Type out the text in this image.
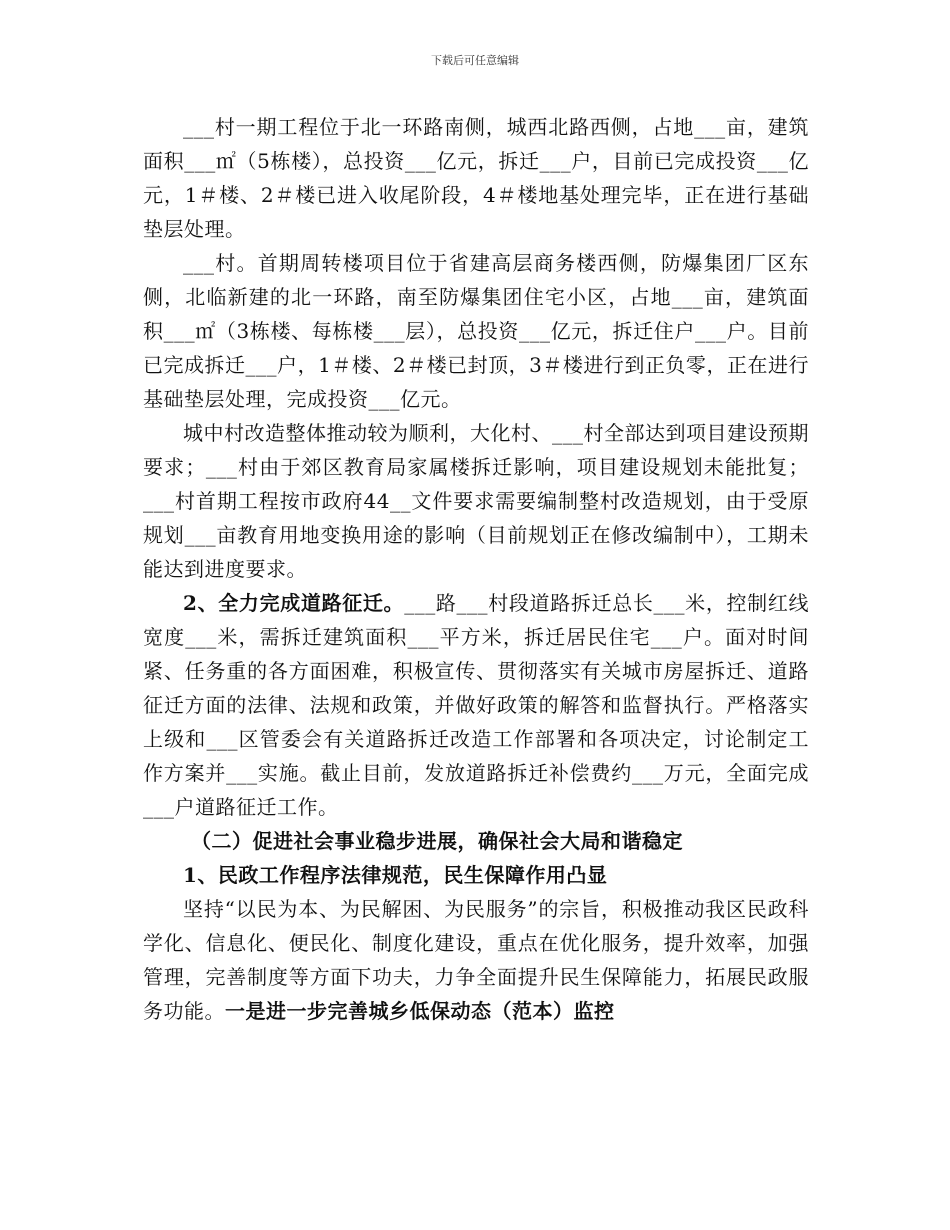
下载后可任意编辑

___村一期工程位于北一环路南侧，城西北路西侧，占地___亩，建筑面积___㎡（5栋楼），总投资___亿元，拆迁___户，目前已完成投资___亿元，1＃楼、2＃楼已进入收尾阶段，4＃楼地基处理完毕，正在进行基础垫层处理。

___村。首期周转楼项目位于省建高层商务楼西侧，防爆集团厂区东侧，北临新建的北一环路，南至防爆集团住宅小区，占地___亩，建筑面积___㎡（3栋楼、每栋楼___层），总投资___亿元，拆迁住户___户。目前已完成拆迁___户，1＃楼、2＃楼已封顶，3＃楼进行到正负零，正在进行基础垫层处理，完成投资___亿元。

城中村改造整体推动较为顺利，大化村、___村全部达到项目建设预期要求；___村由于郊区教育局家属楼拆迁影响，项目建设规划未能批复；___村首期工程按市政府44__文件要求需要编制整村改造规划，由于受原规划___亩教育用地变换用途的影响（目前规划正在修改编制中），工期未能达到进度要求。

2、全力完成道路征迁。___路___村段道路拆迁总长___米，控制红线宽度___米，需拆迁建筑面积___平方米，拆迁居民住宅___户。面对时间紧、任务重的各方面困难，积极宣传、贯彻落实有关城市房屋拆迁、道路征迁方面的法律、法规和政策，并做好政策的解答和监督执行。严格落实上级和___区管委会有关道路拆迁改造工作部署和各项决定，讨论制定工作方案并___实施。截止目前，发放道路拆迁补偿费约___万元，全面完成___户道路征迁工作。

（二）促进社会事业稳步进展，确保社会大局和谐稳定

1、民政工作程序法律规范，民生保障作用凸显

坚持“以民为本、为民解困、为民服务”的宗旨，积极推动我区民政科学化、信息化、便民化、制度化建设，重点在优化服务，提升效率，加强管理，完善制度等方面下功夫，力争全面提升民生保障能力，拓展民政服务功能。一是进一步完善城乡低保动态（范本）监控
